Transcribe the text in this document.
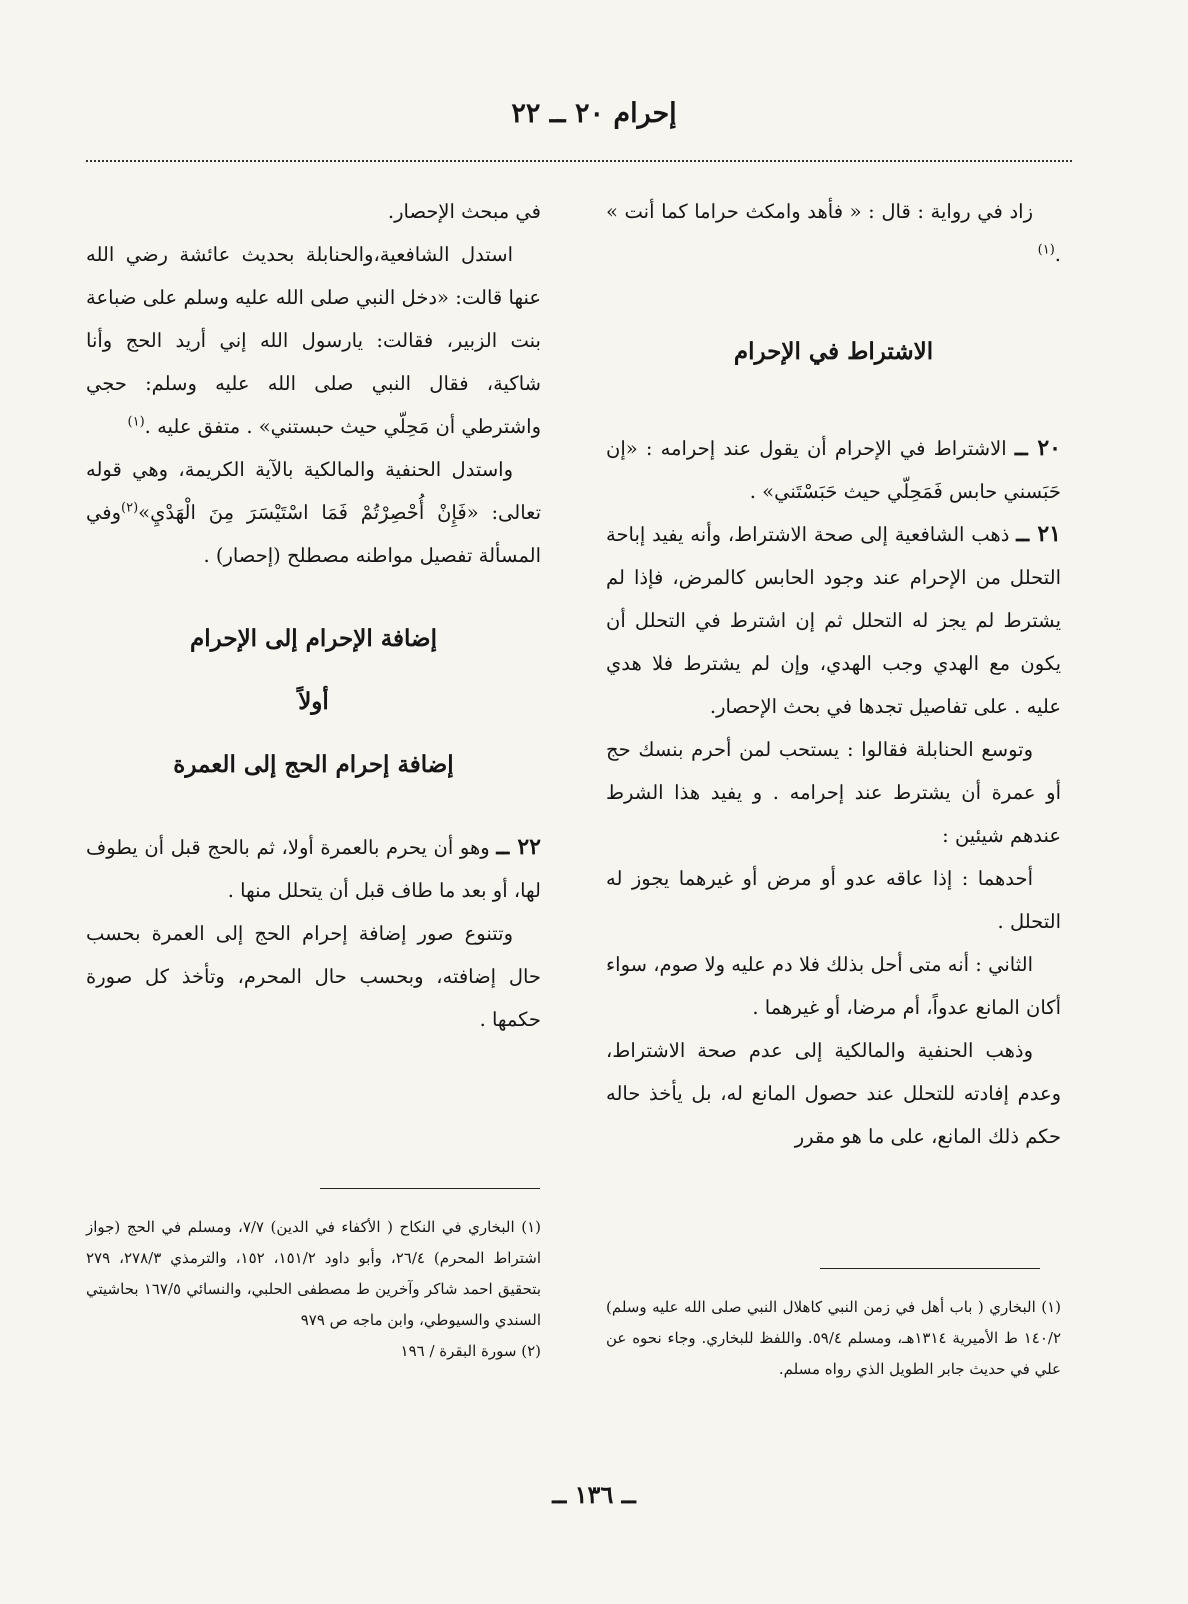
إحرام ٢٠ ــ ٢٢

زاد في رواية : قال : « فأهد وامكث حراما كما أنت » .$^{(١)}$

الاشتراط في الإحرام

٢٠ ــ الاشتراط في الإحرام أن يقول عند إحرامه : «إن حَبَسني حابس فَمَحِلّي حيث حَبَسْتَني» .

٢١ ــ ذهب الشافعية إلى صحة الاشتراط، وأنه يفيد إباحة التحلل من الإحرام عند وجود الحابس كالمرض، فإذا لم يشترط لم يجز له التحلل ثم إن اشترط في التحلل أن يكون مع الهدي وجب الهدي، وإن لم يشترط فلا هدي عليه . على تفاصيل تجدها في بحث الإحصار.

وتوسع الحنابلة فقالوا : يستحب لمن أحرم بنسك حج أو عمرة أن يشترط عند إحرامه . و يفيد هذا الشرط عندهم شيئين :

أحدهما : إذا عاقه عدو أو مرض أو غيرهما يجوز له التحلل .

الثاني : أنه متى أحل بذلك فلا دم عليه ولا صوم، سواء أكان المانع عدواً، أم مرضا، أو غيرهما .

وذهب الحنفية والمالكية إلى عدم صحة الاشتراط، وعدم إفادته للتحلل عند حصول المانع له، بل يأخذ حاله حكم ذلك المانع، على ما هو مقرر

في مبحث الإحصار.

استدل الشافعية،والحنابلة بحديث عائشة رضي الله عنها قالت: «دخل النبي صلى الله عليه وسلم على ضباعة بنت الزبير، فقالت: يارسول الله إني أريد الحج وأنا شاكية، فقال النبي صلى الله عليه وسلم: حجي واشترطي أن مَحِلّي حيث حبستني» . متفق عليه .$^{(١)}$

واستدل الحنفية والمالكية بالآية الكريمة، وهي قوله تعالى: «فَإِنْ أُحْصِرْتُمْ فَمَا اسْتَيْسَرَ مِنَ الْهَدْيِ»$^{(٢)}$وفي المسألة تفصيل مواطنه مصطلح (إحصار) .

إضافة الإحرام إلى الإحرام

أولاً

إضافة إحرام الحج إلى العمرة

٢٢ ــ وهو أن يحرم بالعمرة أولا، ثم بالحج قبل أن يطوف لها، أو بعد ما طاف قبل أن يتحلل منها .

وتتنوع صور إضافة إحرام الحج إلى العمرة بحسب حال إضافته، وبحسب حال المحرم، وتأخذ كل صورة حكمها .

(١) البخاري في النكاح ( الأكفاء في الدين) ٧/٧، ومسلم في الحج (جواز اشتراط المحرم) ٢٦/٤، وأبو داود ١٥١/٢، ١٥٢، والترمذي ٢٧٨/٣، ٢٧٩ بتحقيق احمد شاكر وآخرين ط مصطفى الحلبي، والنسائي ١٦٧/٥ بحاشيتي السندي والسيوطي، وابن ماجه ص ٩٧٩

(٢) سورة البقرة / ١٩٦

(١) البخاري ( باب أهل في زمن النبي كاهلال النبي صلى الله عليه وسلم) ١٤٠/٢ ط الأميرية ١٣١٤هـ، ومسلم ٥٩/٤. واللفظ للبخاري. وجاء نحوه عن علي في حديث جابر الطويل الذي رواه مسلم.

ــ ١٣٦ ــ
